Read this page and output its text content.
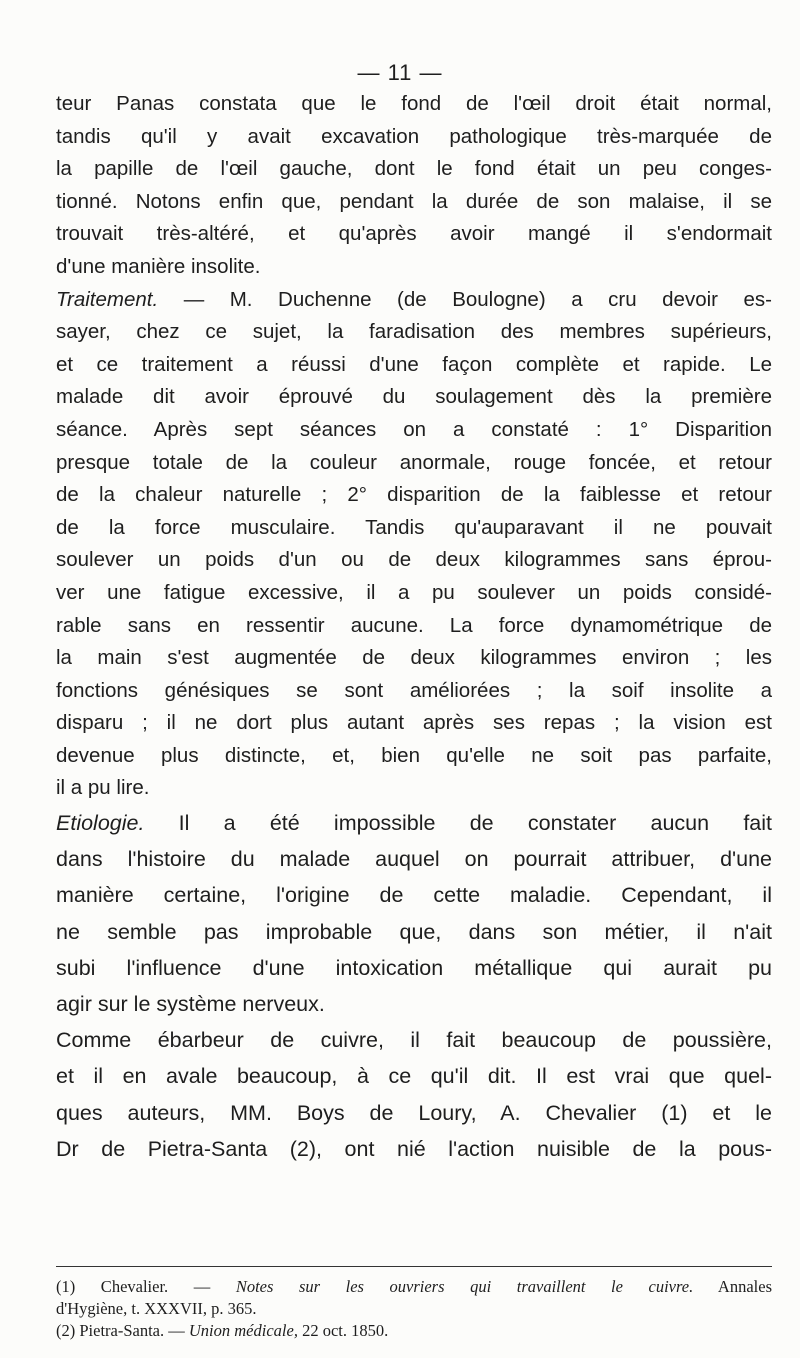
— 11 —
teur Panas constata que le fond de l'œil droit était normal,
tandis qu'il y avait excavation pathologique très-marquée de
la papille de l'œil gauche, dont le fond était un peu conges-
tionné. Notons enfin que, pendant la durée de son malaise, il se
trouvait très-altéré, et qu'après avoir mangé il s'endormait
d'une manière insolite.
Traitement. — M. Duchenne (de Boulogne) a cru devoir es-
sayer, chez ce sujet, la faradisation des membres supérieurs,
et ce traitement a réussi d'une façon complète et rapide. Le
malade dit avoir éprouvé du soulagement dès la première
séance. Après sept séances on a constaté : 1° Disparition
presque totale de la couleur anormale, rouge foncée, et retour
de la chaleur naturelle ; 2° disparition de la faiblesse et retour
de la force musculaire. Tandis qu'auparavant il ne pouvait
soulever un poids d'un ou de deux kilogrammes sans éprou-
ver une fatigue excessive, il a pu soulever un poids considé-
rable sans en ressentir aucune. La force dynamométrique de
la main s'est augmentée de deux kilogrammes environ ; les
fonctions génésiques se sont améliorées ; la soif insolite a
disparu ; il ne dort plus autant après ses repas ; la vision est
devenue plus distincte, et, bien qu'elle ne soit pas parfaite,
il a pu lire.
Etiologie. Il a été impossible de constater aucun fait
dans l'histoire du malade auquel on pourrait attribuer, d'une
manière certaine, l'origine de cette maladie. Cependant, il
ne semble pas improbable que, dans son métier, il n'ait
subi l'influence d'une intoxication métallique qui aurait pu
agir sur le système nerveux.
Comme ébarbeur de cuivre, il fait beaucoup de poussière,
et il en avale beaucoup, à ce qu'il dit. Il est vrai que quel-
ques auteurs, MM. Boys de Loury, A. Chevalier (1) et le
Dr de Pietra-Santa (2), ont nié l'action nuisible de la pous-
(1) Chevalier. — Notes sur les ouvriers qui travaillent le cuivre. Annales
d'Hygiène, t. XXXVII, p. 365.
(2) Pietra-Santa. — Union médicale, 22 oct. 1850.
